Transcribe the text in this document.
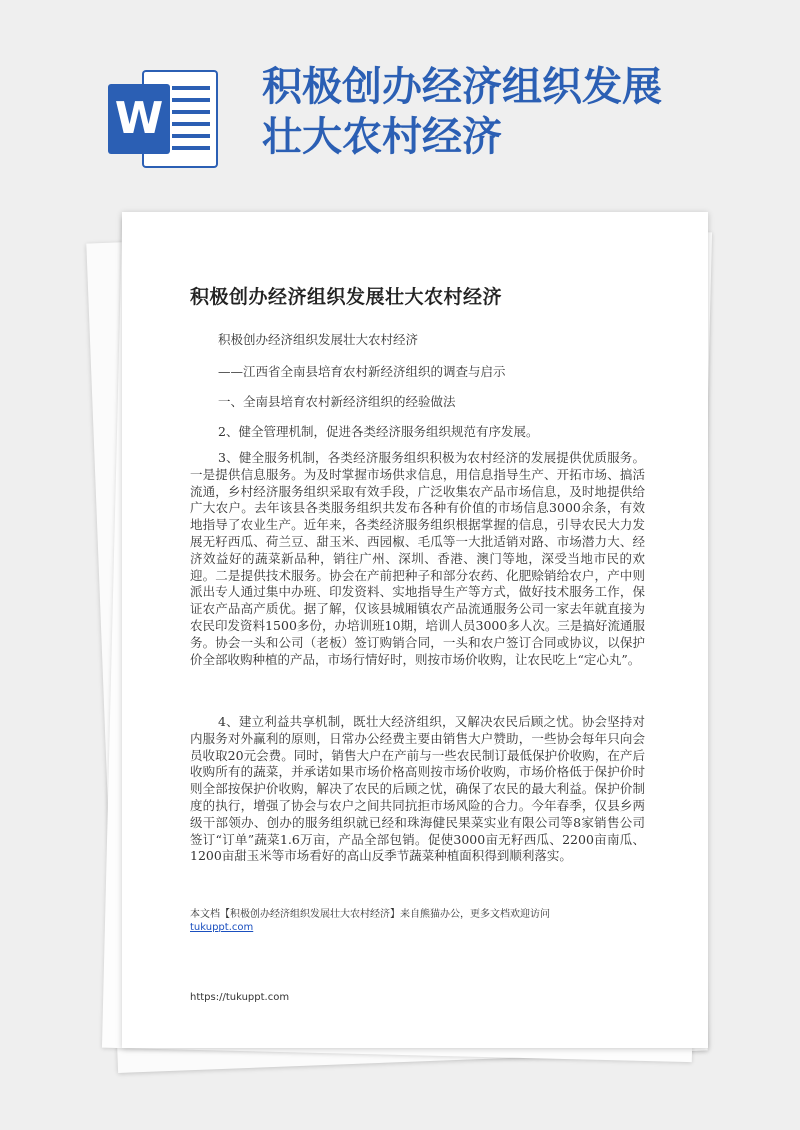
W
积极创办经济组织发展
壮大农村经济
积极创办经济组织发展壮大农村经济

积极创办经济组织发展壮大农村经济

——江西省全南县培育农村新经济组织的调查与启示

一、全南县培育农村新经济组织的经验做法

2、健全管理机制，促进各类经济服务组织规范有序发展。

3、健全服务机制，各类经济服务组织积极为农村经济的发展提供优质服务。一是提供信息服务。为及时掌握市场供求信息，用信息指导生产、开拓市场、搞活流通，乡村经济服务组织采取有效手段，广泛收集农产品市场信息，及时地提供给广大农户。去年该县各类服务组织共发布各种有价值的市场信息3000余条，有效地指导了农业生产。近年来，各类经济服务组织根据掌握的信息，引导农民大力发展无籽西瓜、荷兰豆、甜玉米、西园椒、毛瓜等一大批适销对路、市场潜力大、经济效益好的蔬菜新品种，销往广州、深圳、香港、澳门等地，深受当地市民的欢迎。二是提供技术服务。协会在产前把种子和部分农药、化肥赊销给农户，产中则派出专人通过集中办班、印发资料、实地指导生产等方式，做好技术服务工作，保证农产品高产质优。据了解，仅该县城厢镇农产品流通服务公司一家去年就直接为农民印发资料1500多份，办培训班10期，培训人员3000多人次。三是搞好流通服务。协会一头和公司（老板）签订购销合同，一头和农户签订合同或协议，以保护价全部收购种植的产品，市场行情好时，则按市场价收购，让农民吃上“定心丸”。

4、建立利益共享机制，既壮大经济组织，又解决农民后顾之忧。协会坚持对内服务对外赢利的原则，日常办公经费主要由销售大户赞助，一些协会每年只向会员收取20元会费。同时，销售大户在产前与一些农民制订最低保护价收购，在产后收购所有的蔬菜，并承诺如果市场价格高则按市场价收购，市场价格低于保护价时则全部按保护价收购，解决了农民的后顾之忧，确保了农民的最大利益。保护价制度的执行，增强了协会与农户之间共同抗拒市场风险的合力。今年春季，仅县乡两级干部领办、创办的服务组织就已经和珠海健民果菜实业有限公司等8家销售公司签订“订单”蔬菜1.6万亩，产品全部包销。促使3000亩无籽西瓜、2200亩南瓜、1200亩甜玉米等市场看好的高山反季节蔬菜种植面积得到顺利落实。

本文档【积极创办经济组织发展壮大农村经济】来自熊猫办公，更多文档欢迎访问
tukuppt.com

https://tukuppt.com
